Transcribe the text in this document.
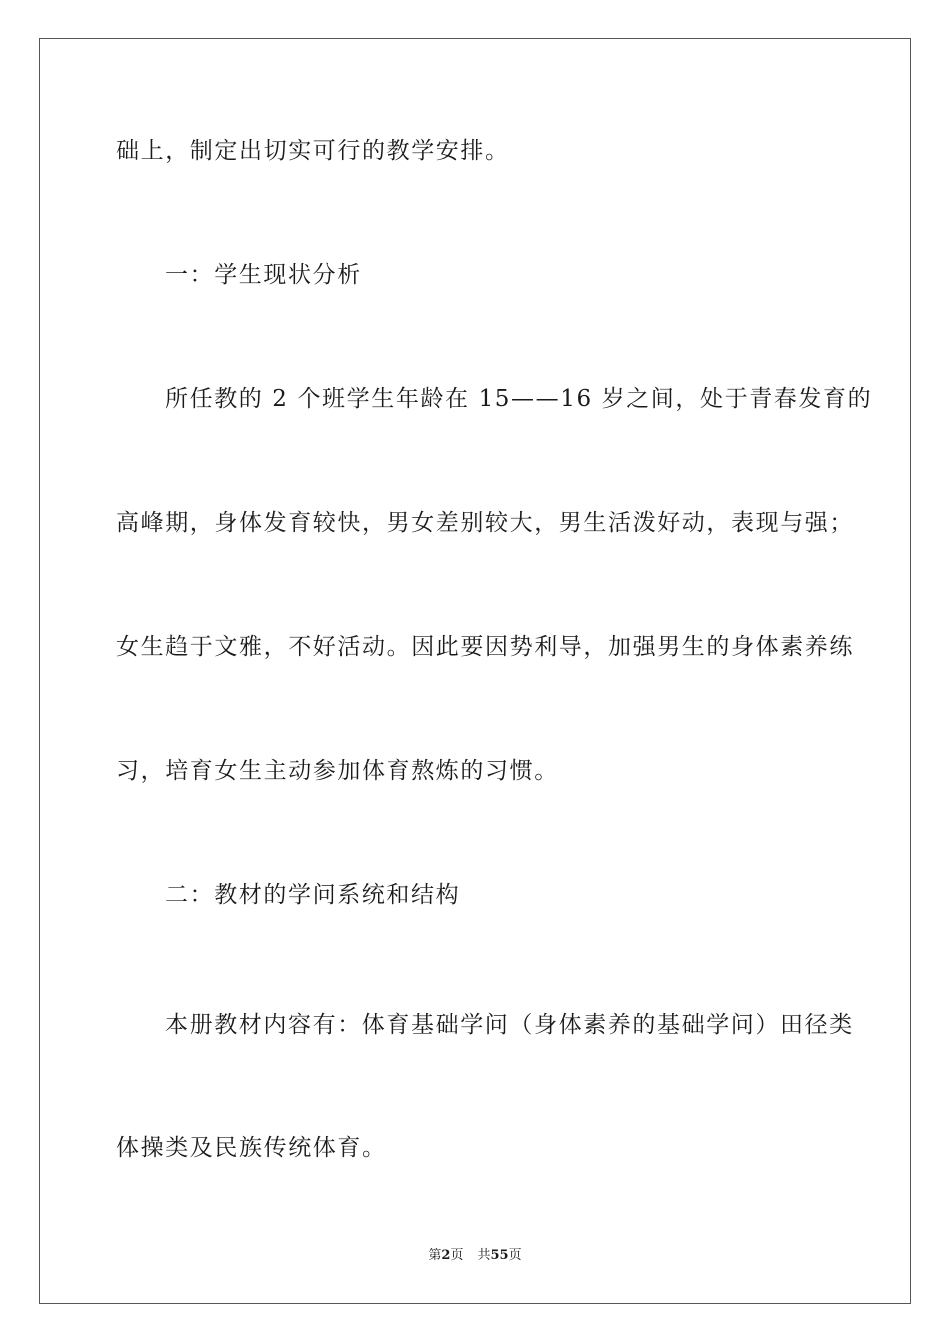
础上，制定出切实可行的教学安排。
一：学生现状分析
所任教的 2 个班学生年龄在 15——16 岁之间，处于青春发育的
高峰期，身体发育较快，男女差别较大，男生活泼好动，表现与强；
女生趋于文雅，不好活动。因此要因势利导，加强男生的身体素养练
习，培育女生主动参加体育熬炼的习惯。
二：教材的学问系统和结构
本册教材内容有：体育基础学问（身体素养的基础学问）田径类
体操类及民族传统体育。
第2页 共55页
